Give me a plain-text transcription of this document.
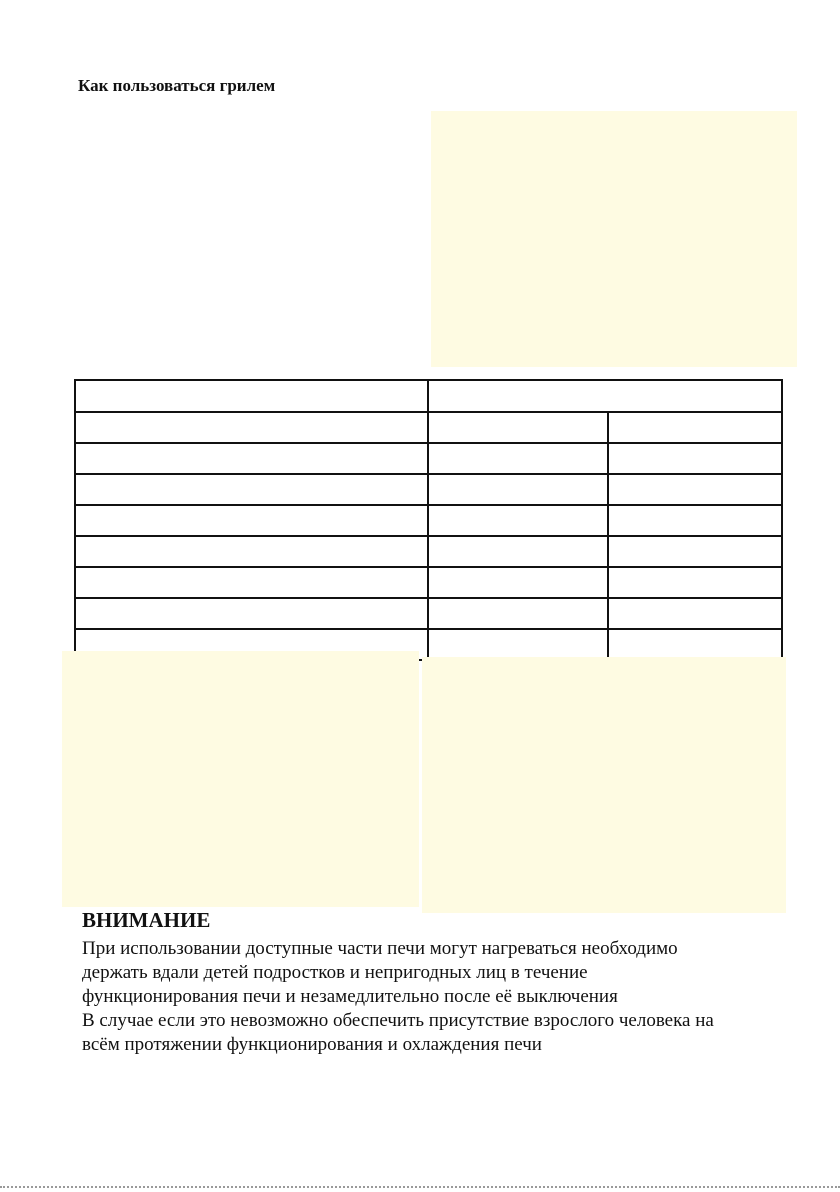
Как пользоваться грилем

ВНИМАНИЕ
При использовании доступные части печи могут нагреваться необходимо
держать вдали детей подростков и непригодных лиц в течение
функционирования печи и незамедлительно после её выключения
В случае если это невозможно обеспечить присутствие взрослого человека на
всём протяжении функционирования и охлаждения печи
